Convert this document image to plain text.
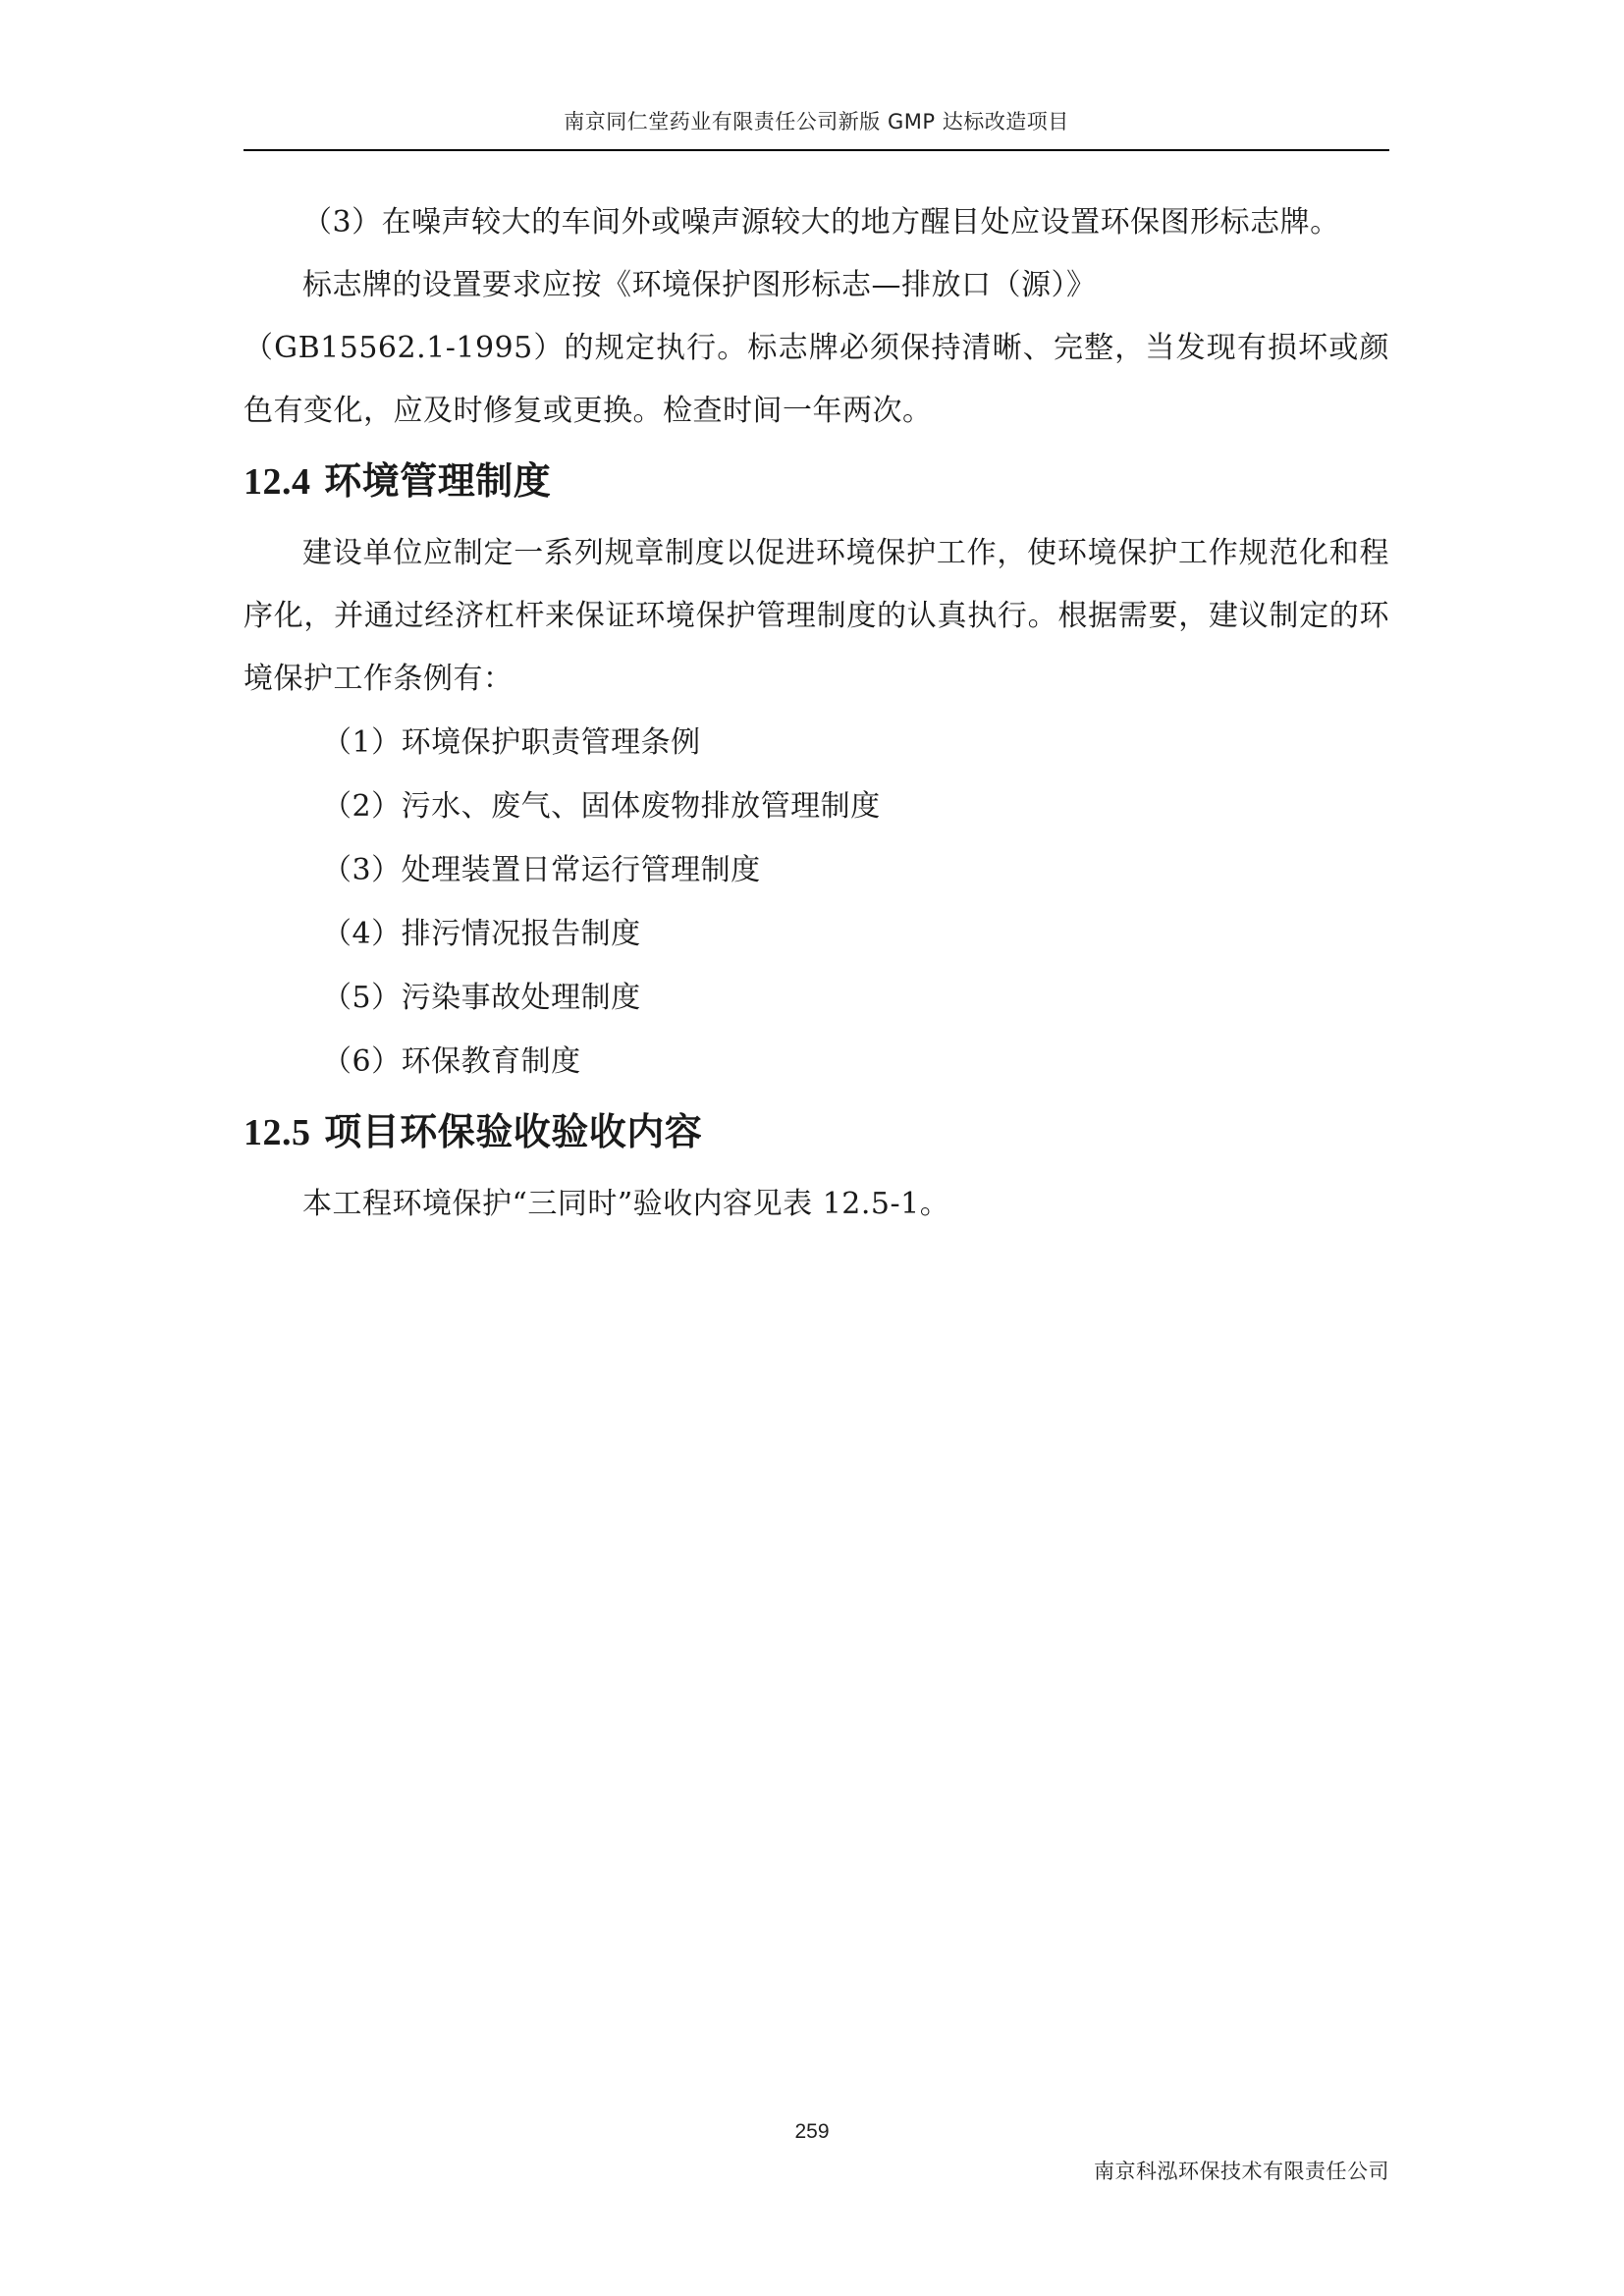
南京同仁堂药业有限责任公司新版 GMP 达标改造项目

（3）在噪声较大的车间外或噪声源较大的地方醒目处应设置环保图形标志牌。

标志牌的设置要求应按《环境保护图形标志—排放口（源）》

（GB15562.1-1995）的规定执行。标志牌必须保持清晰、完整，当发现有损坏或颜色有变化，应及时修复或更换。检查时间一年两次。

12.4 环境管理制度

建设单位应制定一系列规章制度以促进环境保护工作，使环境保护工作规范化和程序化，并通过经济杠杆来保证环境保护管理制度的认真执行。根据需要，建议制定的环境保护工作条例有：

（1）环境保护职责管理条例

（2）污水、废气、固体废物排放管理制度

（3）处理装置日常运行管理制度

（4）排污情况报告制度

（5）污染事故处理制度

（6）环保教育制度

12.5 项目环保验收验收内容

本工程环境保护“三同时”验收内容见表 12.5-1。

259
南京科泓环保技术有限责任公司
